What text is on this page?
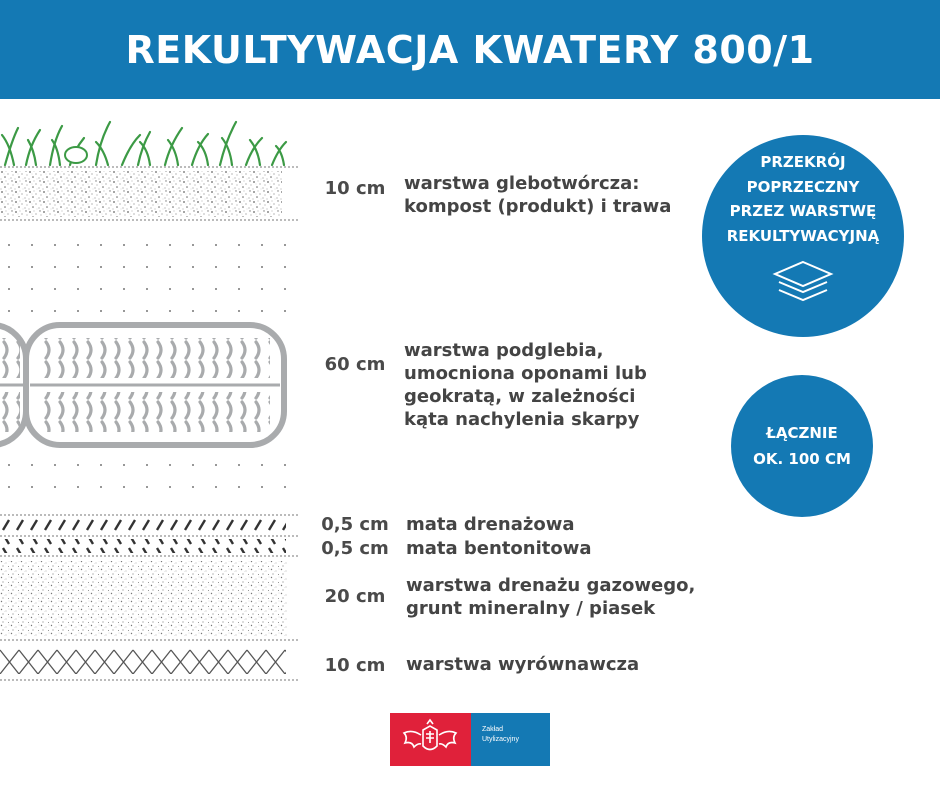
REKULTYWACJA KWATERY 800/1
10 cm	warstwa glebotwórcza:
kompost (produkt) i trawa
60 cm
warstwa podglebia,
umocniona oponami lub
geokratą, w zależności
kąta nachylenia skarpy
0,5 cm mata drenażowa
0,5 cm mata bentonitowa
20 cm
warstwa drenażu gazowego,
grunt mineralny / piasek
10 cm	warstwa wyrównawcza
PRZEKRÓJ
POPRZECZNY
PRZEZ WARSTWĘ
REKULTYWACYJNĄ
ŁĄCZNIE
OK. 100 CM
Zakład
Utylizacyjny
